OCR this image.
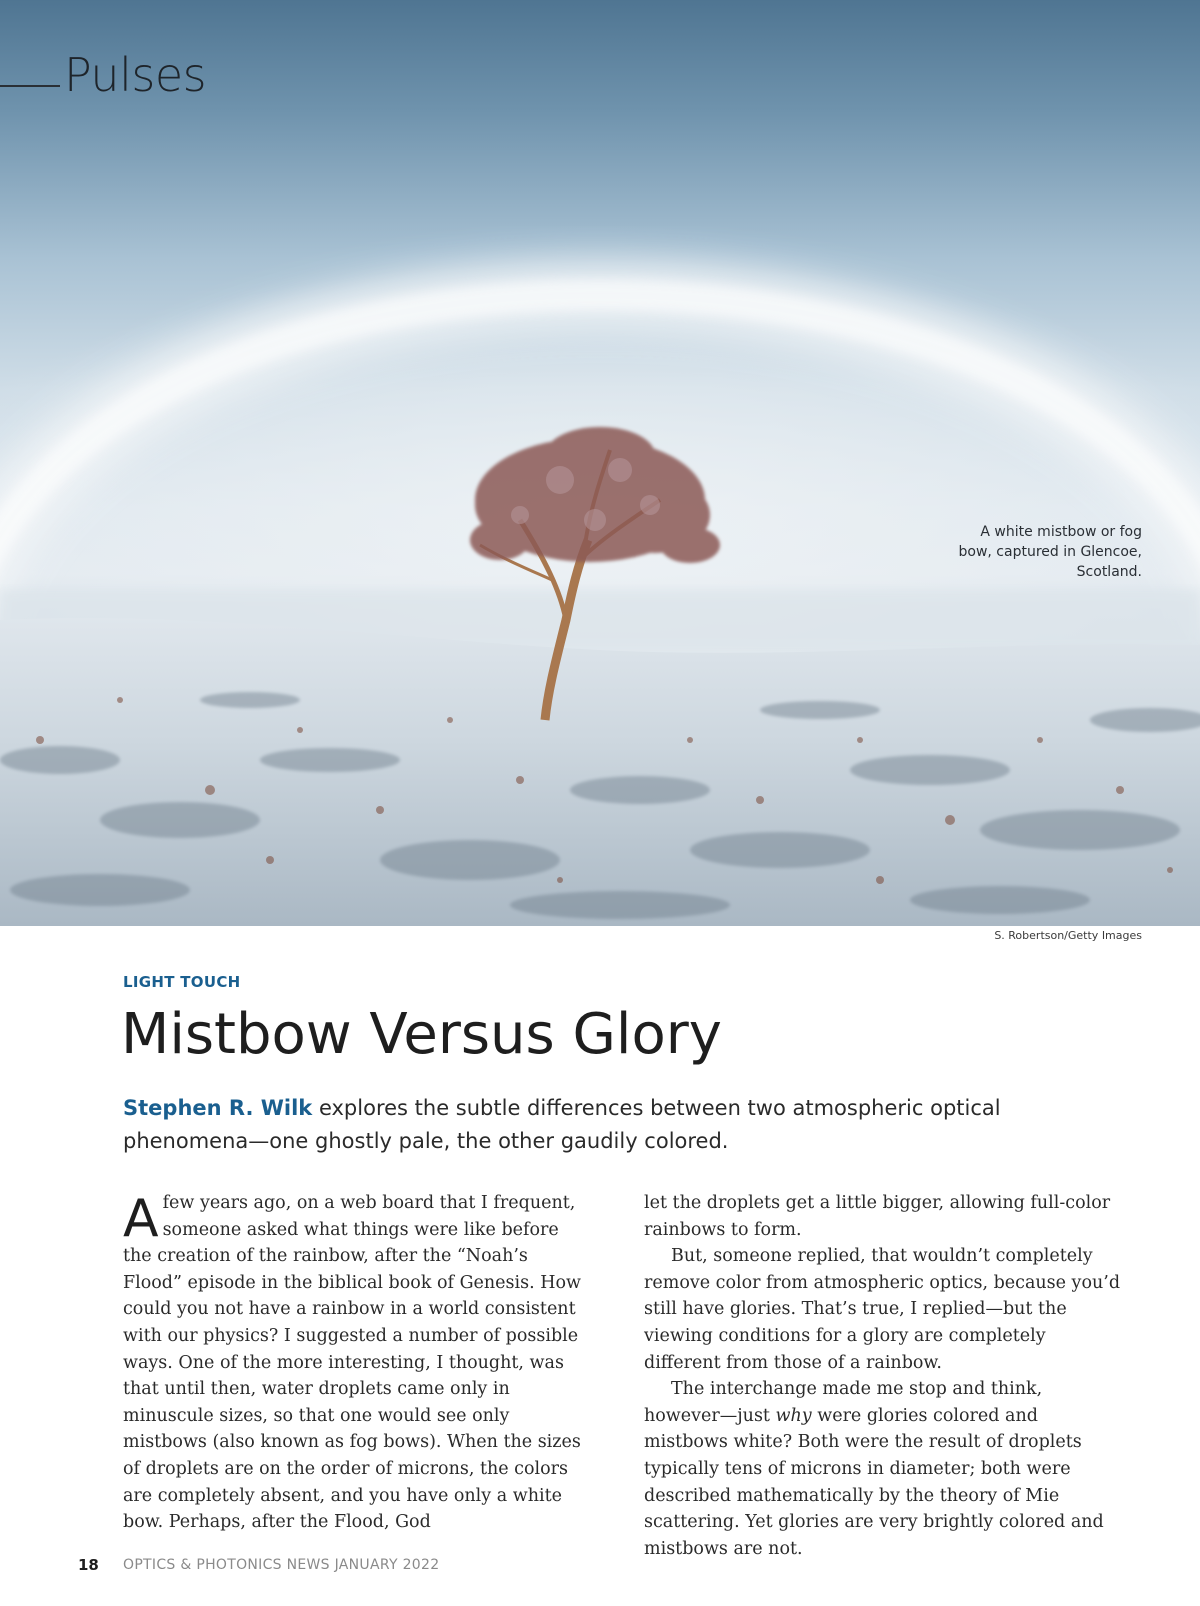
Pulses
A white mistbow or fog bow, captured in Glencoe, Scotland.
S. Robertson/Getty Images
LIGHT TOUCH
Mistbow Versus Glory
Stephen R. Wilk explores the subtle differences between two atmospheric optical phenomena—one ghostly pale, the other gaudily colored.

Afew years ago, on a web board that I frequent, someone asked what things were like before the creation of the rainbow, after the “Noah’s Flood” episode in the biblical book of Genesis. How could you not have a rainbow in a world consistent with our physics? I suggested a number of possible ways. One of the more interesting, I thought, was that until then, water droplets came only in minuscule sizes, so that one would see only mistbows (also known as fog bows). When the sizes of droplets are on the order of microns, the colors are completely absent, and you have only a white bow. Perhaps, after the Flood, God

let the droplets get a little bigger, allowing full-color rainbows to form.

But, someone replied, that wouldn’t completely remove color from atmospheric optics, because you’d still have glories. That’s true, I replied—but the viewing conditions for a glory are completely different from those of a rainbow.

The interchange made me stop and think, however—just why were glories colored and mistbows white? Both were the result of droplets typically tens of microns in diameter; both were described mathematically by the theory of Mie scattering. Yet glories are very brightly colored and mistbows are not.

18 OPTICS & PHOTONICS NEWS JANUARY 2022
